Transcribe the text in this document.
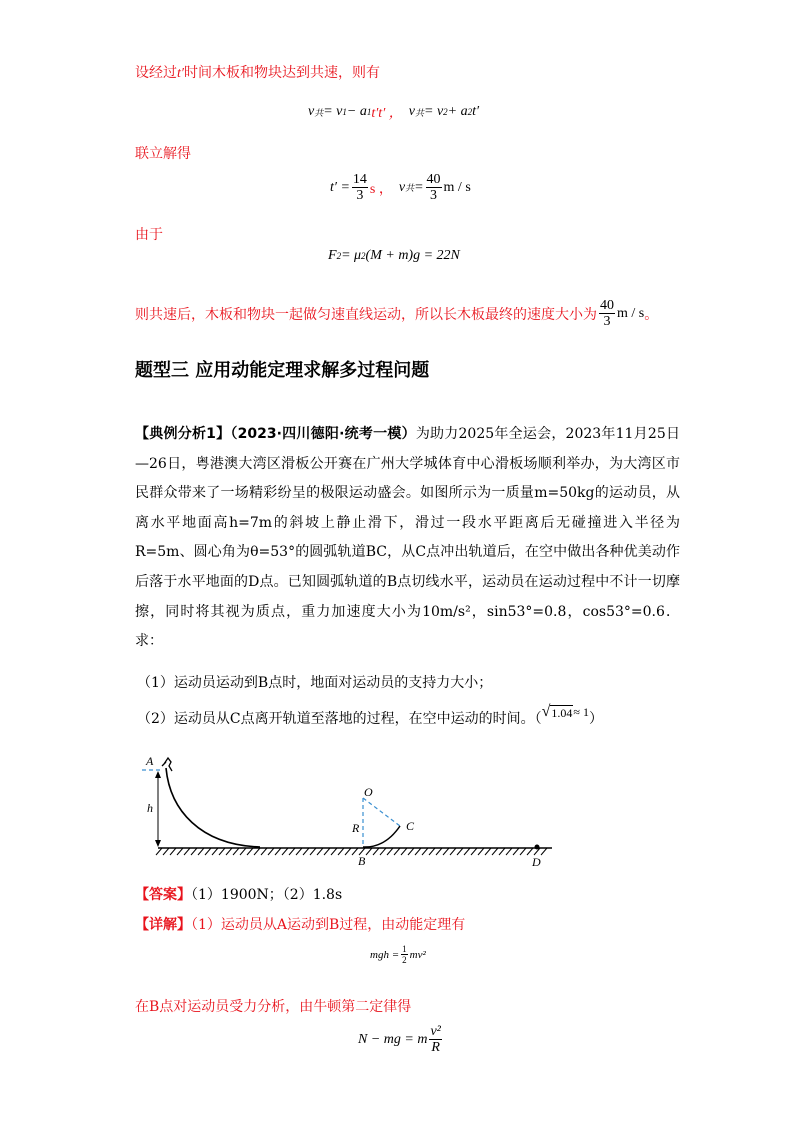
设经过t′时间木板和物块达到共速，则有

v 共 = v 1 − a 1 t′t′ ， v 共 = v 2 + a 2 t′

联立解得

$t' = \frac{14}{3}$ s ， v 共 = $\frac{40}{3}$ m / s

由于

F 2 = μ 2 (M + m)g = 22N
则共速后，木板和物块一起做匀速直线运动，所以长木板最终的速度大小为 $\frac{40}{3}$ m / s 。
题型三 应用动能定理求解多过程问题

【典例分析1】（2023·四川德阳·统考一模）为助力2025年全运会，2023年11月25日—26日，粤港澳大湾区滑板公开赛在广州大学城体育中心滑板场顺利举办，为大湾区市民群众带来了一场精彩纷呈的极限运动盛会。如图所示为一质量m=50kg的运动员，从离水平地面高h=7m的斜坡上静止滑下，滑过一段水平距离后无碰撞进入半径为R=5m、圆心角为θ=53°的圆弧轨道BC，从C点冲出轨道后，在空中做出各种优美动作后落于水平地面的D点。已知圆弧轨道的B点切线水平，运动员在运动过程中不计一切摩擦，同时将其视为质点，重力加速度大小为10m/s²，sin53°=0.8，cos53°=0.6．求：

（1）运动员运动到B点时，地面对运动员的支持力大小；

（2）运动员从C点离开轨道至落地的过程，在空中运动的时间。（ √ 1.04 ≈ 1 ）
A
h
O
R	C
B	D

【答案】（1）1900N；（2）1.8s

【详解】（1）运动员从A运动到B过程，由动能定理有

mgh = $\frac{1}{2} mv^2$

在B点对运动员受力分析，由牛顿第二定律得

N − mg = m $\frac{\text{v²}}{R}$
